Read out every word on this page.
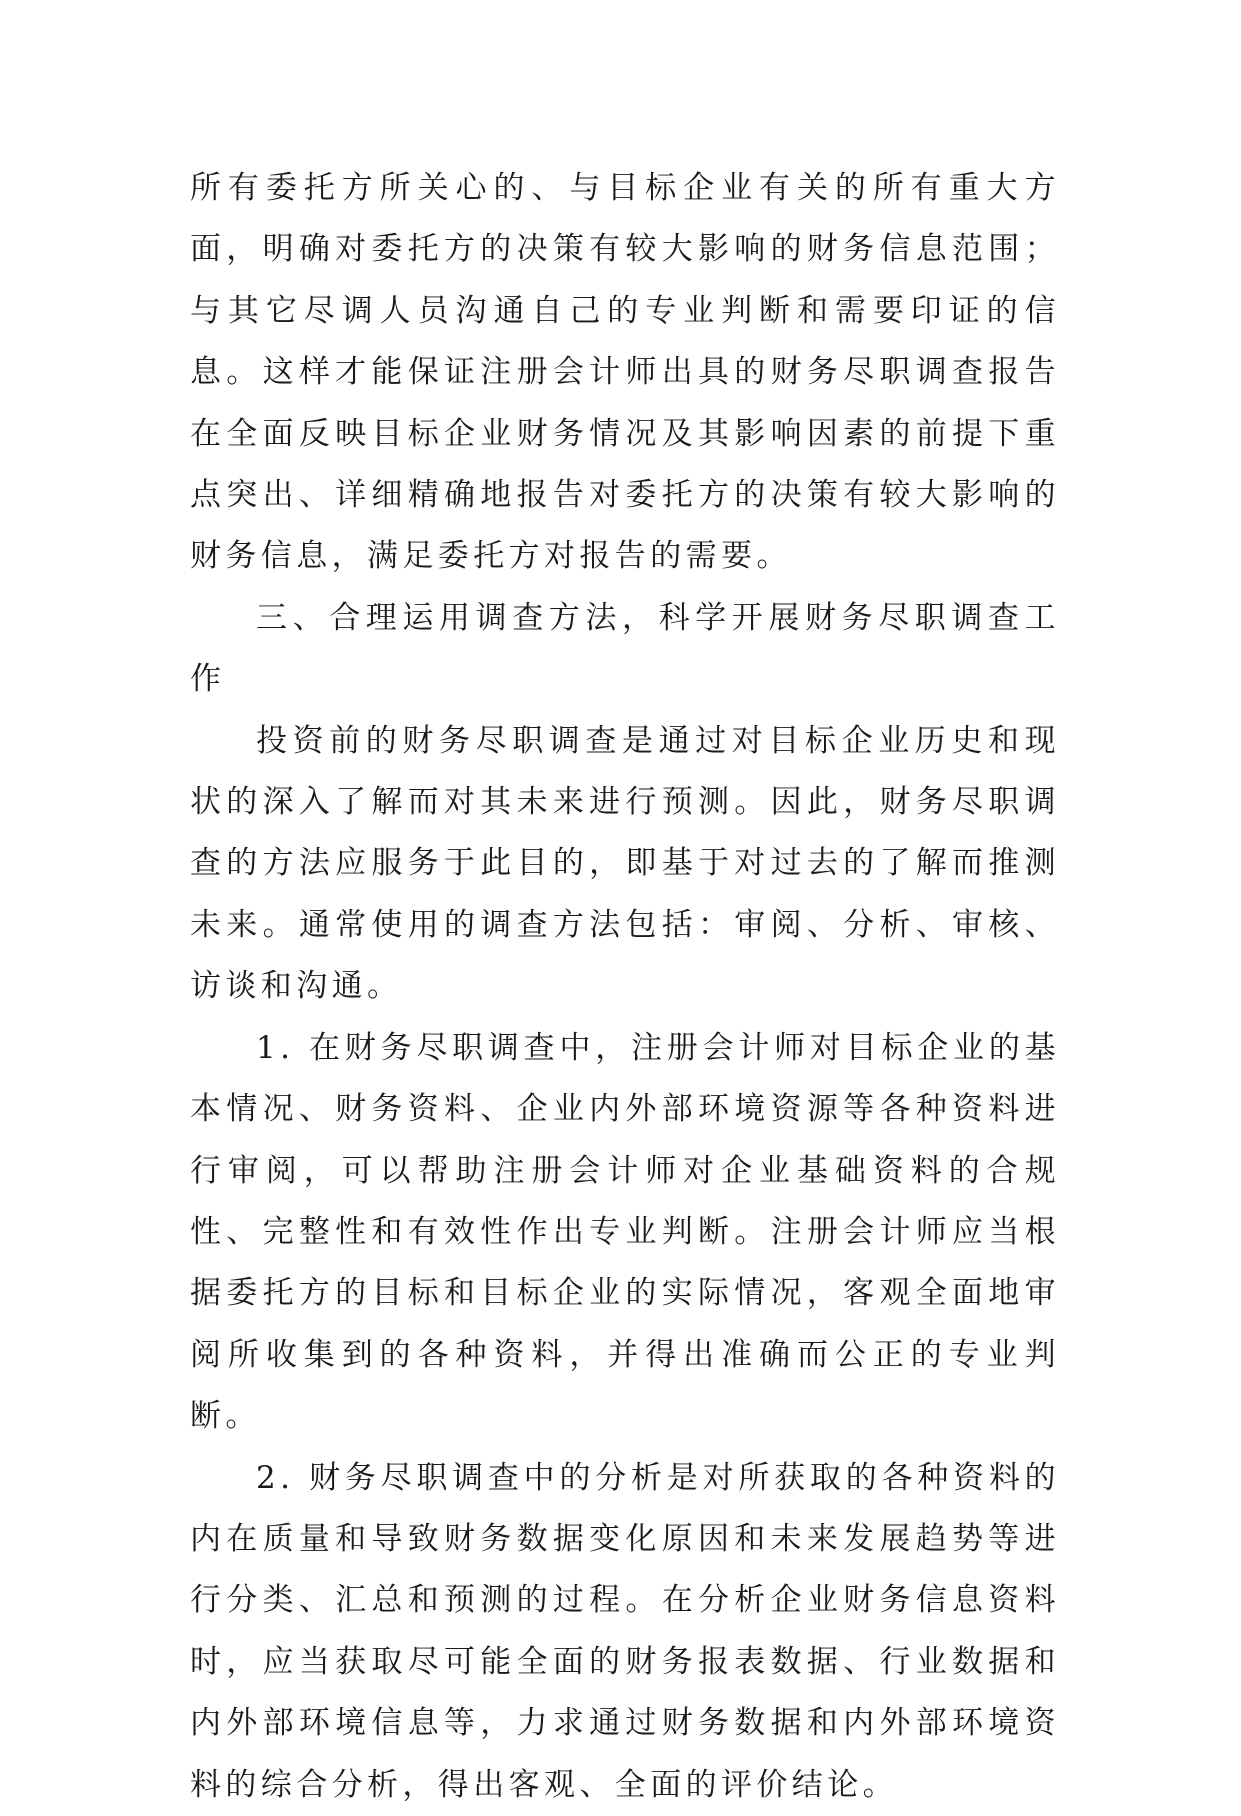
所有委托方所关心的、与目标企业有关的所有重大方面，明确对委托方的决策有较大影响的财务信息范围；与其它尽调人员沟通自己的专业判断和需要印证的信息。这样才能保证注册会计师出具的财务尽职调查报告在全面反映目标企业财务情况及其影响因素的前提下重点突出、详细精确地报告对委托方的决策有较大影响的财务信息，满足委托方对报告的需要。

三、合理运用调查方法，科学开展财务尽职调查工作

投资前的财务尽职调查是通过对目标企业历史和现状的深入了解而对其未来进行预测。因此，财务尽职调查的方法应服务于此目的，即基于对过去的了解而推测未来。通常使用的调查方法包括：审阅、分析、审核、访谈和沟通。

1. 在财务尽职调查中，注册会计师对目标企业的基本情况、财务资料、企业内外部环境资源等各种资料进行审阅，可以帮助注册会计师对企业基础资料的合规性、完整性和有效性作出专业判断。注册会计师应当根据委托方的目标和目标企业的实际情况，客观全面地审阅所收集到的各种资料，并得出准确而公正的专业判断。

2. 财务尽职调查中的分析是对所获取的各种资料的内在质量和导致财务数据变化原因和未来发展趋势等进行分类、汇总和预测的过程。在分析企业财务信息资料时，应当获取尽可能全面的财务报表数据、行业数据和内外部环境信息等，力求通过财务数据和内外部环境资料的综合分析，得出客观、全面的评价结论。
